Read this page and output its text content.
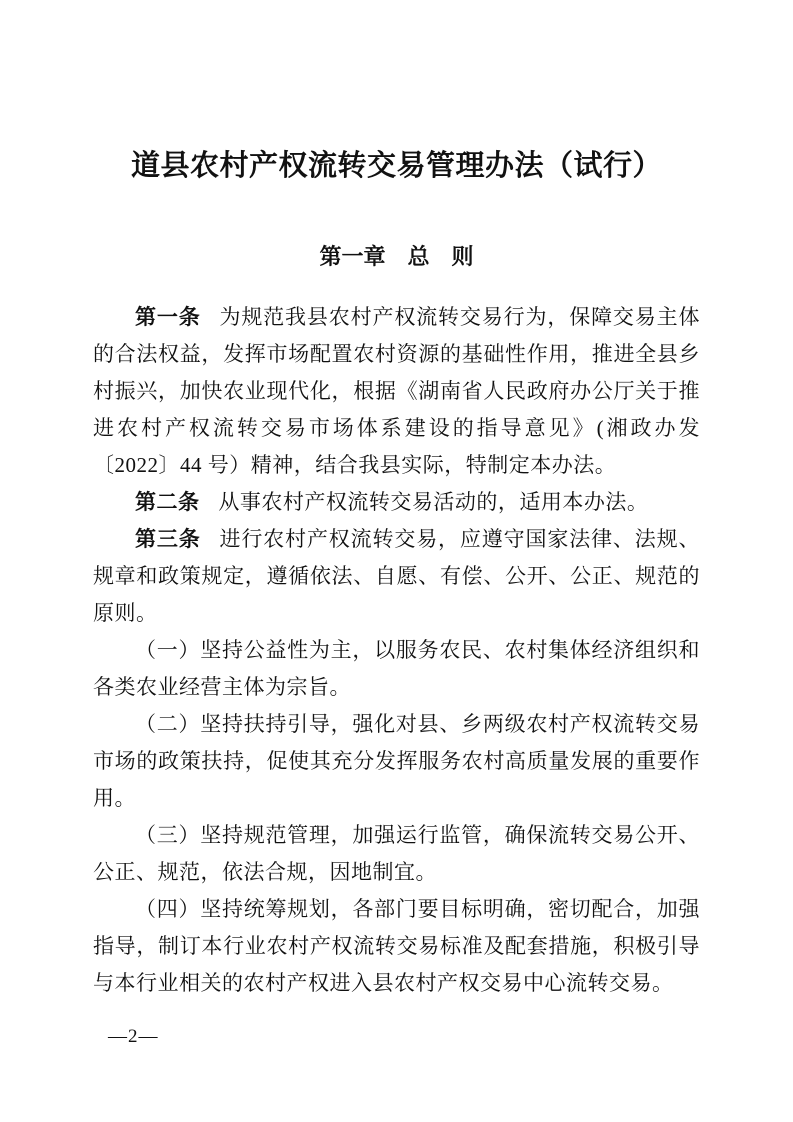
道县农村产权流转交易管理办法（试行）
第一章　总　则

第一条 为规范我县农村产权流转交易行为，保障交易主体的合法权益，发挥市场配置农村资源的基础性作用，推进全县乡村振兴，加快农业现代化，根据《湖南省人民政府办公厅关于推进农村产权流转交易市场体系建设的指导意见》(湘政办发〔2022〕44 号）精神，结合我县实际，特制定本办法。

第二条 从事农村产权流转交易活动的，适用本办法。

第三条 进行农村产权流转交易，应遵守国家法律、法规、规章和政策规定，遵循依法、自愿、有偿、公开、公正、规范的原则。

（一）坚持公益性为主，以服务农民、农村集体经济组织和各类农业经营主体为宗旨。

（二）坚持扶持引导，强化对县、乡两级农村产权流转交易市场的政策扶持，促使其充分发挥服务农村高质量发展的重要作用。

（三）坚持规范管理，加强运行监管，确保流转交易公开、公正、规范，依法合规，因地制宜。

（四）坚持统筹规划，各部门要目标明确，密切配合，加强指导，制订本行业农村产权流转交易标准及配套措施，积极引导与本行业相关的农村产权进入县农村产权交易中心流转交易。

—2—
